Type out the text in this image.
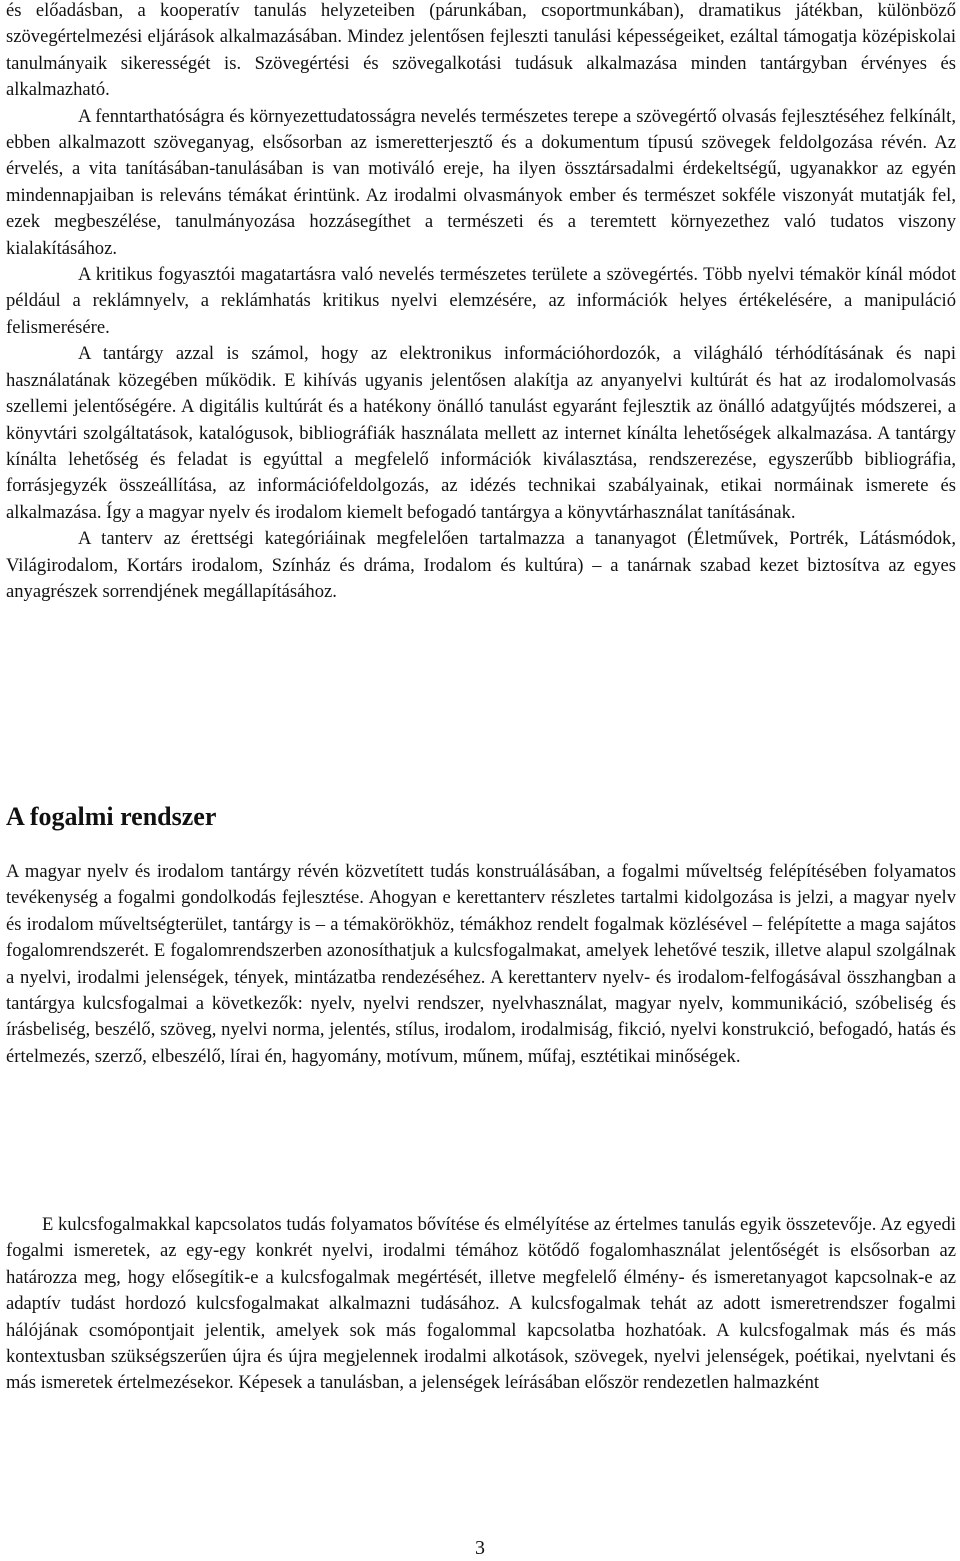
és előadásban, a kooperatív tanulás helyzeteiben (párunkában, csoportmunkában), dramatikus játékban, különböző szövegértelmezési eljárások alkalmazásában. Mindez jelentősen fejleszti tanulási képességeiket, ezáltal támogatja középiskolai tanulmányaik sikerességét is. Szövegértési és szövegalkotási tudásuk alkalmazása minden tantárgyban érvényes és alkalmazható.

A fenntarthatóságra és környezettudatosságra nevelés természetes terepe a szövegértő olvasás fejlesztéséhez felkínált, ebben alkalmazott szöveganyag, elsősorban az ismeretterjesztő és a dokumentum típusú szövegek feldolgozása révén. Az érvelés, a vita tanításában-tanulásában is van motiváló ereje, ha ilyen össztársadalmi érdekeltségű, ugyanakkor az egyén mindennapjaiban is releváns témákat érintünk. Az irodalmi olvasmányok ember és természet sokféle viszonyát mutatják fel, ezek megbeszélése, tanulmányozása hozzásegíthet a természeti és a teremtett környezethez való tudatos viszony kialakításához.

A kritikus fogyasztói magatartásra való nevelés természetes területe a szövegértés. Több nyelvi témakör kínál módot például a reklámnyelv, a reklámhatás kritikus nyelvi elemzésére, az információk helyes értékelésére, a manipuláció felismerésére.

A tantárgy azzal is számol, hogy az elektronikus információhordozók, a világháló térhódításának és napi használatának közegében működik. E kihívás ugyanis jelentősen alakítja az anyanyelvi kultúrát és hat az irodalomolvasás szellemi jelentőségére. A digitális kultúrát és a hatékony önálló tanulást egyaránt fejlesztik az önálló adatgyűjtés módszerei, a könyvtári szolgáltatások, katalógusok, bibliográfiák használata mellett az internet kínálta lehetőségek alkalmazása. A tantárgy kínálta lehetőség és feladat is egyúttal a megfelelő információk kiválasztása, rendszerezése, egyszerűbb bibliográfia, forrásjegyzék összeállítása, az információfeldolgozás, az idézés technikai szabályainak, etikai normáinak ismerete és alkalmazása. Így a magyar nyelv és irodalom kiemelt befogadó tantárgya a könyvtárhasználat tanításának.

A tanterv az érettségi kategóriáinak megfelelően tartalmazza a tananyagot (Életművek, Portrék, Látásmódok, Világirodalom, Kortárs irodalom, Színház és dráma, Irodalom és kultúra) – a tanárnak szabad kezet biztosítva az egyes anyagrészek sorrendjének megállapításához.

A fogalmi rendszer

A magyar nyelv és irodalom tantárgy révén közvetített tudás konstruálásában, a fogalmi műveltség felépítésében folyamatos tevékenység a fogalmi gondolkodás fejlesztése. Ahogyan e kerettanterv részletes tartalmi kidolgozása is jelzi, a magyar nyelv és irodalom műveltségterület, tantárgy is – a témakörökhöz, témákhoz rendelt fogalmak közlésével – felépítette a maga sajátos fogalomrendszerét. E fogalomrendszerben azonosíthatjuk a kulcsfogalmakat, amelyek lehetővé teszik, illetve alapul szolgálnak a nyelvi, irodalmi jelenségek, tények, mintázatba rendezéséhez. A kerettanterv nyelv- és irodalom-felfogásával összhangban a tantárgya kulcsfogalmai a következők: nyelv, nyelvi rendszer, nyelvhasználat, magyar nyelv, kommunikáció, szóbeliség és írásbeliség, beszélő, szöveg, nyelvi norma, jelentés, stílus, irodalom, irodalmiság, fikció, nyelvi konstrukció, befogadó, hatás és értelmezés, szerző, elbeszélő, lírai én, hagyomány, motívum, műnem, műfaj, esztétikai minőségek.

E kulcsfogalmakkal kapcsolatos tudás folyamatos bővítése és elmélyítése az értelmes tanulás egyik összetevője. Az egyedi fogalmi ismeretek, az egy-egy konkrét nyelvi, irodalmi témához kötődő fogalomhasználat jelentőségét is elsősorban az határozza meg, hogy elősegítik-e a kulcsfogalmak megértését, illetve megfelelő élmény- és ismeretanyagot kapcsolnak-e az adaptív tudást hordozó kulcsfogalmakat alkalmazni tudásához. A kulcsfogalmak tehát az adott ismeretrendszer fogalmi hálójának csomópontjait jelentik, amelyek sok más fogalommal kapcsolatba hozhatóak. A kulcsfogalmak más és más kontextusban szükségszerűen újra és újra megjelennek irodalmi alkotások, szövegek, nyelvi jelenségek, poétikai, nyelvtani és más ismeretek értelmezésekor. Képesek a tanulásban, a jelenségek leírásában először rendezetlen halmazként

3
